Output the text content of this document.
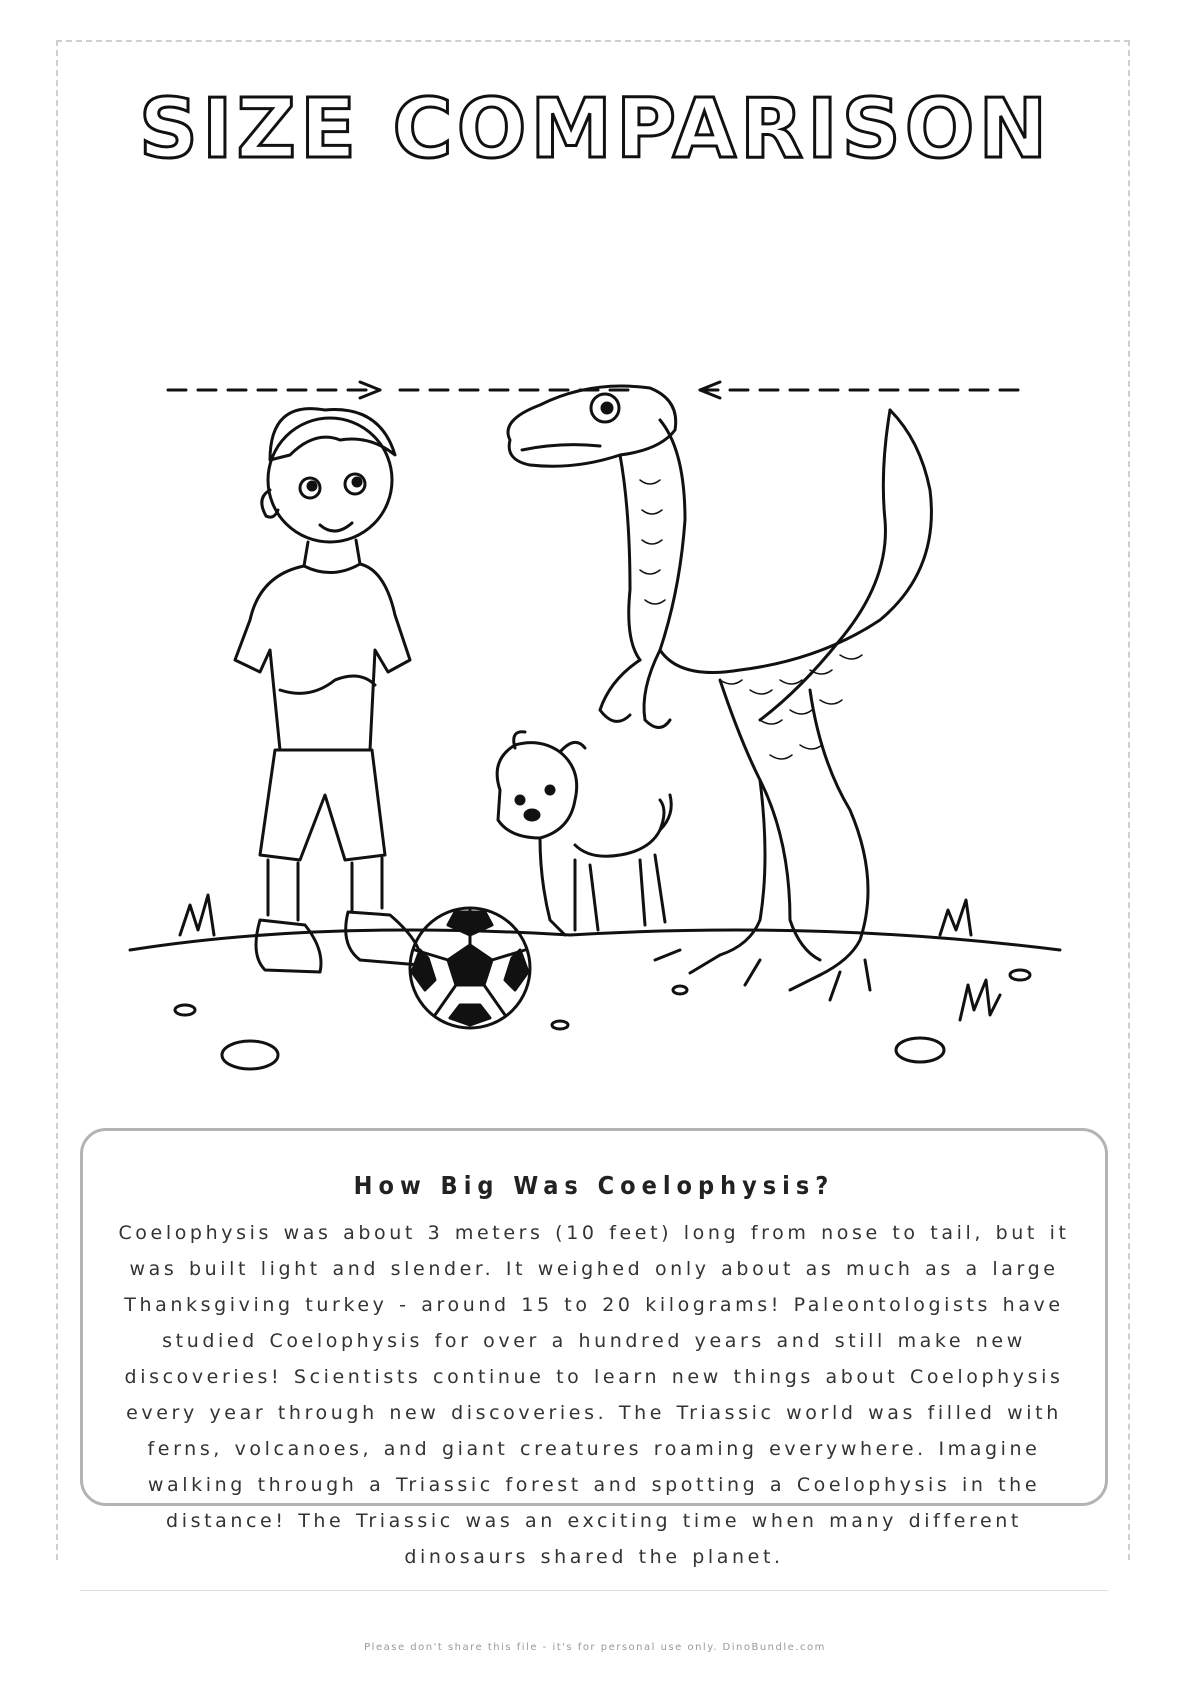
SIZE COMPARISON
How Big Was Coelophysis?

Coelophysis was about 3 meters (10 feet) long from nose to tail, but it was built light and slender. It weighed only about as much as a large Thanksgiving turkey - around 15 to 20 kilograms! Paleontologists have studied Coelophysis for over a hundred years and still make new discoveries! Scientists continue to learn new things about Coelophysis every year through new discoveries. The Triassic world was filled with ferns, volcanoes, and giant creatures roaming everywhere. Imagine walking through a Triassic forest and spotting a Coelophysis in the distance! The Triassic was an exciting time when many different dinosaurs shared the planet.

Please don't share this file - it's for personal use only. DinoBundle.com
